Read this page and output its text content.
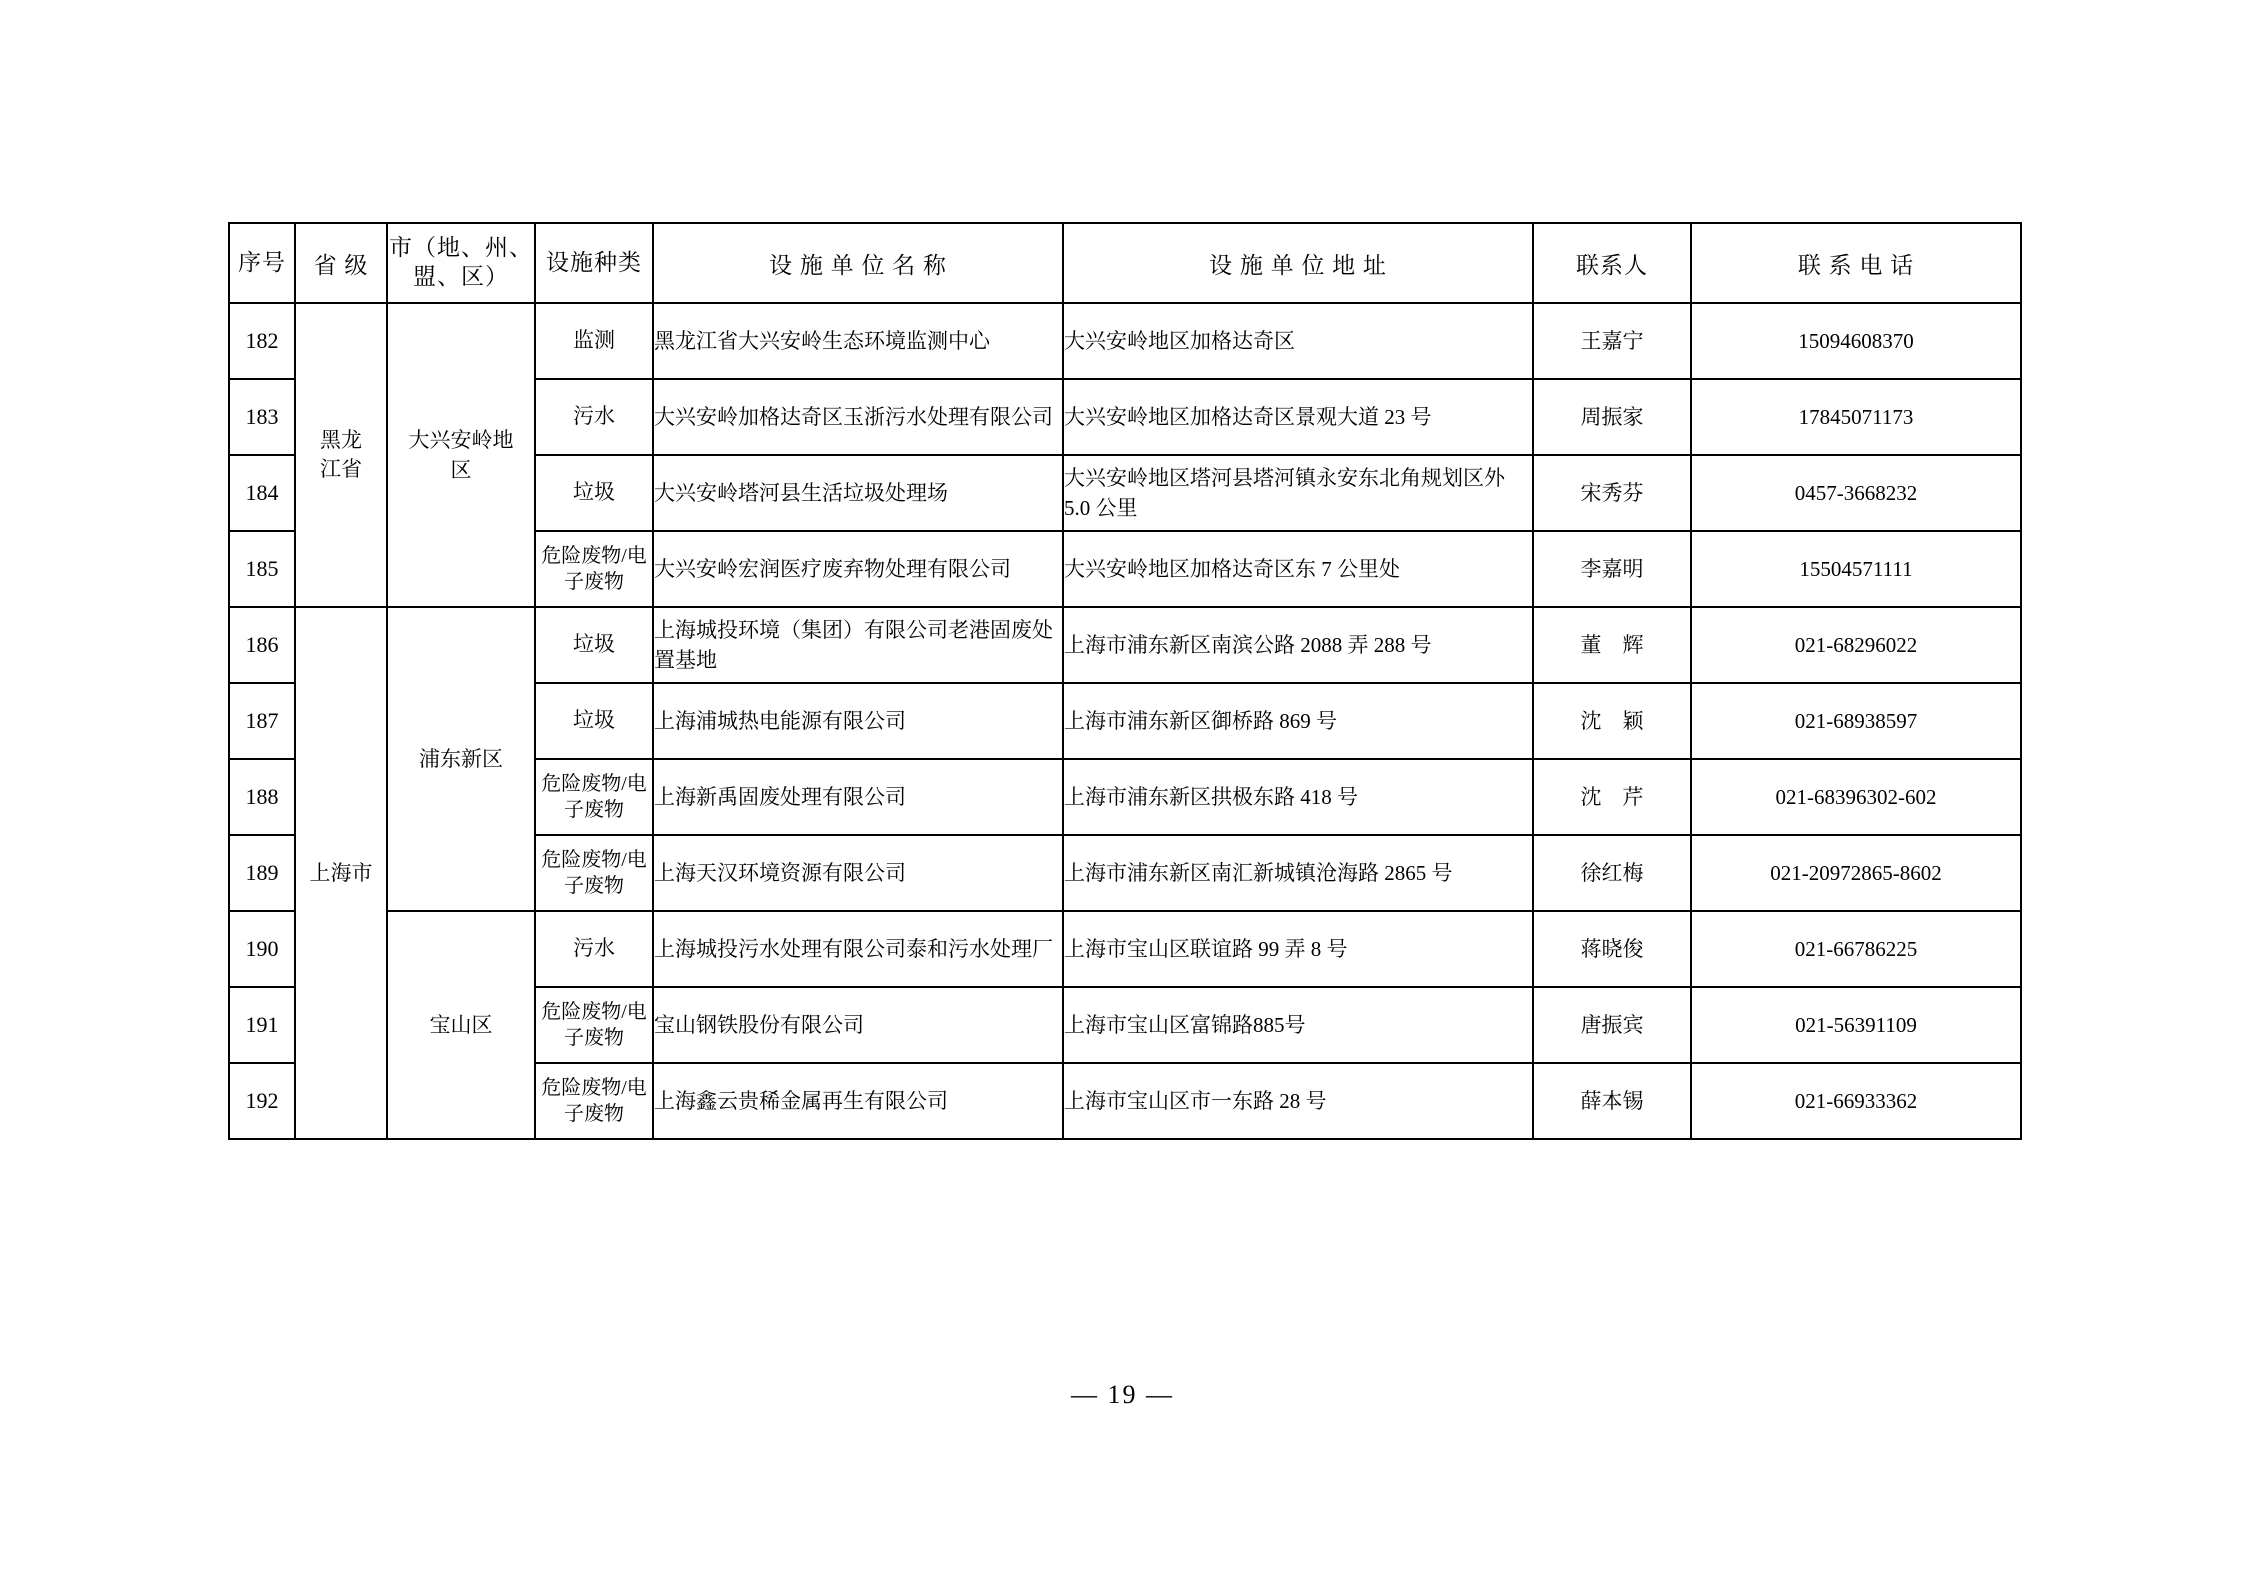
序号	省 级	市（地、州、盟、区）	设施种类	设 施 单 位 名 称	设 施 单 位 地 址	联系人	联 系 电 话
182	黑龙江省	大兴安岭地区	监测	黑龙江省大兴安岭生态环境监测中心	大兴安岭地区加格达奇区	王嘉宁	15094608370
183			污水	大兴安岭加格达奇区玉浙污水处理有限公司	大兴安岭地区加格达奇区景观大道 23 号	周振家	17845071173
184			垃圾	大兴安岭塔河县生活垃圾处理场	大兴安岭地区塔河县塔河镇永安东北角规划区外 5.0 公里	宋秀芬	0457-3668232
185			危险废物/电子废物	大兴安岭宏润医疗废弃物处理有限公司	大兴安岭地区加格达奇区东 7 公里处	李嘉明	15504571111
186	上海市	浦东新区	垃圾	上海城投环境（集团）有限公司老港固废处置基地	上海市浦东新区南滨公路 2088 弄 288 号	董　辉	021-68296022
187			垃圾	上海浦城热电能源有限公司	上海市浦东新区御桥路 869 号	沈　颖	021-68938597
188			危险废物/电子废物	上海新禹固废处理有限公司	上海市浦东新区拱极东路 418 号	沈　芹	021-68396302-602
189			危险废物/电子废物	上海天汉环境资源有限公司	上海市浦东新区南汇新城镇沧海路 2865 号	徐红梅	021-20972865-8602
190		宝山区	污水	上海城投污水处理有限公司泰和污水处理厂	上海市宝山区联谊路 99 弄 8 号	蒋晓俊	021-66786225
191			危险废物/电子废物	宝山钢铁股份有限公司	上海市宝山区富锦路885号	唐振宾	021-56391109
192			危险废物/电子废物	上海鑫云贵稀金属再生有限公司	上海市宝山区市一东路 28 号	薛本锡	021-66933362
— 19 —
